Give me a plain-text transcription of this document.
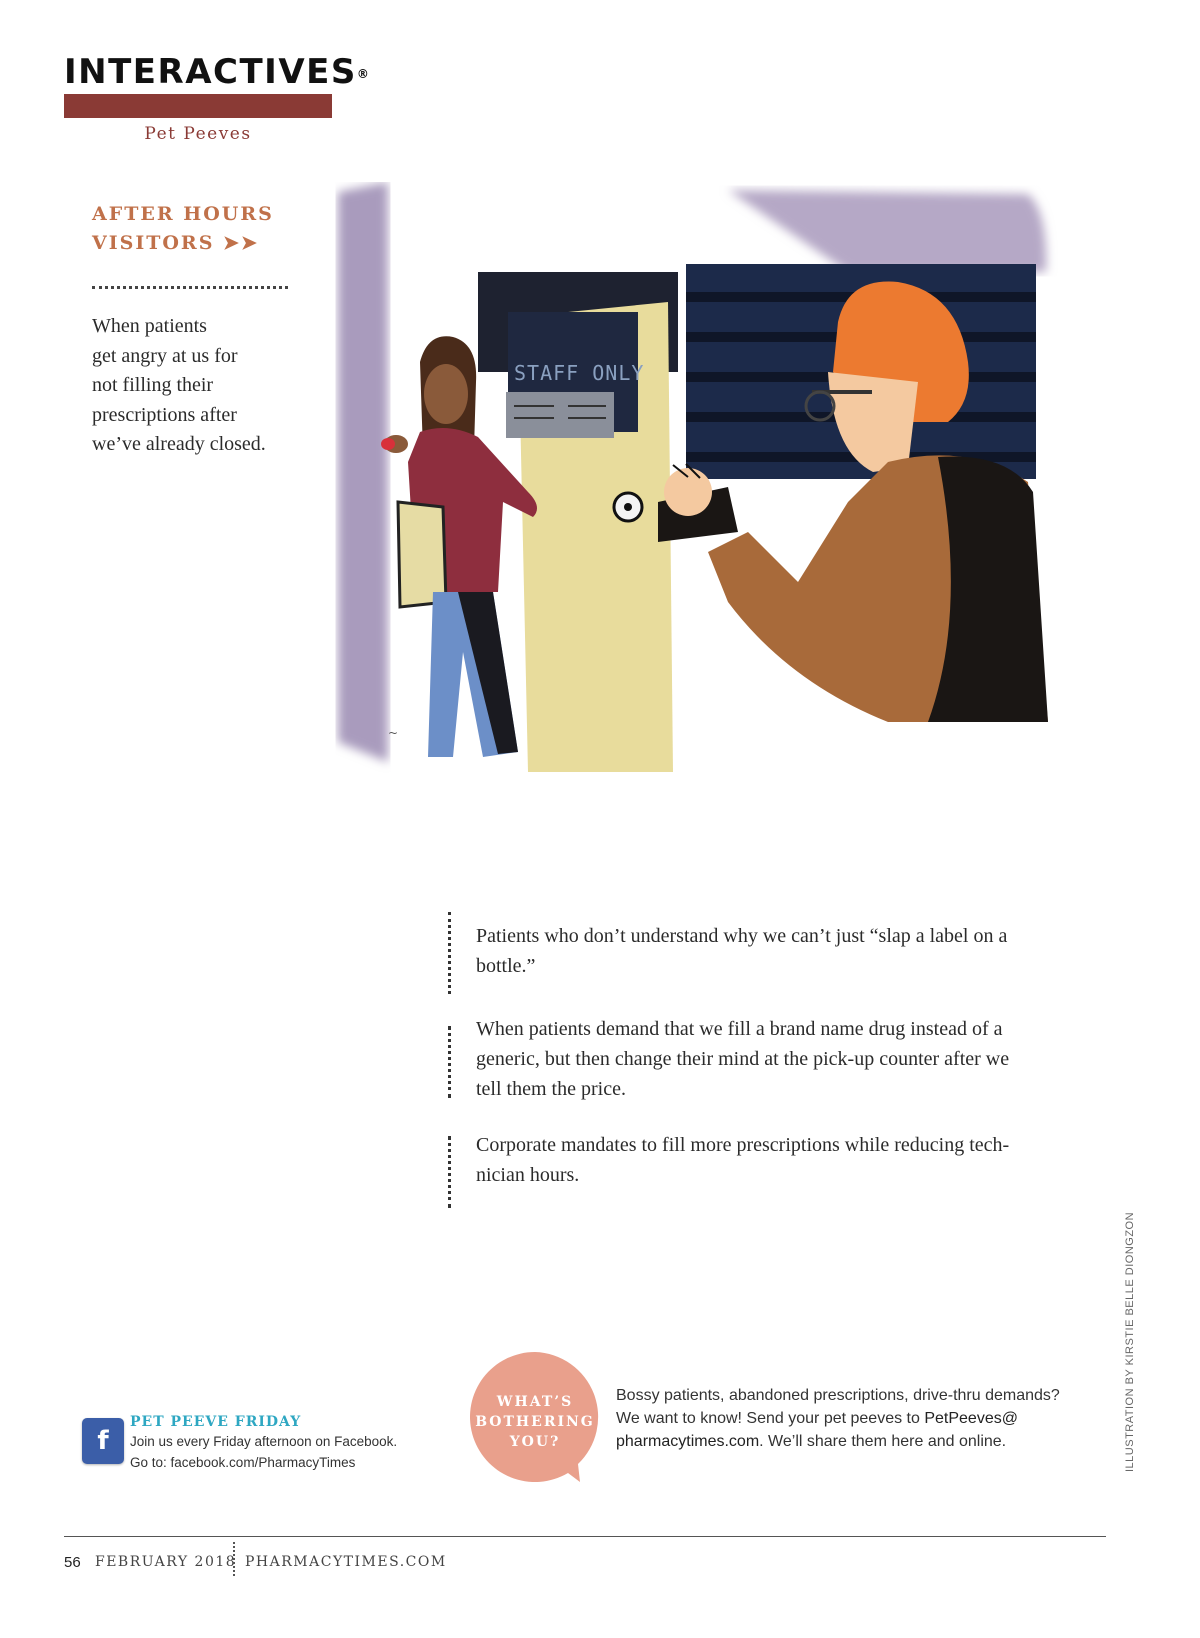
INTERACTIVES®
Pet Peeves
AFTER HOURS
VISITORS ➤➤
When patients
get angry at us for
not filling their
prescriptions after
we’ve already closed.
STAFF ONLY
~
Patients who don’t understand why we can’t just “slap a label on a
bottle.”
When patients demand that we fill a brand name drug instead of a
generic, but then change their mind at the pick-up counter after we
tell them the price.
Corporate mandates to fill more prescriptions while reducing tech-
nician hours.
ILLUSTRATION BY KIRSTIE BELLE DIONGZON
f
PET PEEVE FRIDAY
Join us every Friday afternoon on Facebook.
Go to: facebook.com/PharmacyTimes
WHAT’S
BOTHERING
YOU?
Bossy patients, abandoned prescriptions, drive-thru demands?
We want to know! Send your pet peeves to PetPeeves@
pharmacytimes.com. We’ll share them here and online.
56 FEBRUARY 2018 PHARMACYTIMES.COM
